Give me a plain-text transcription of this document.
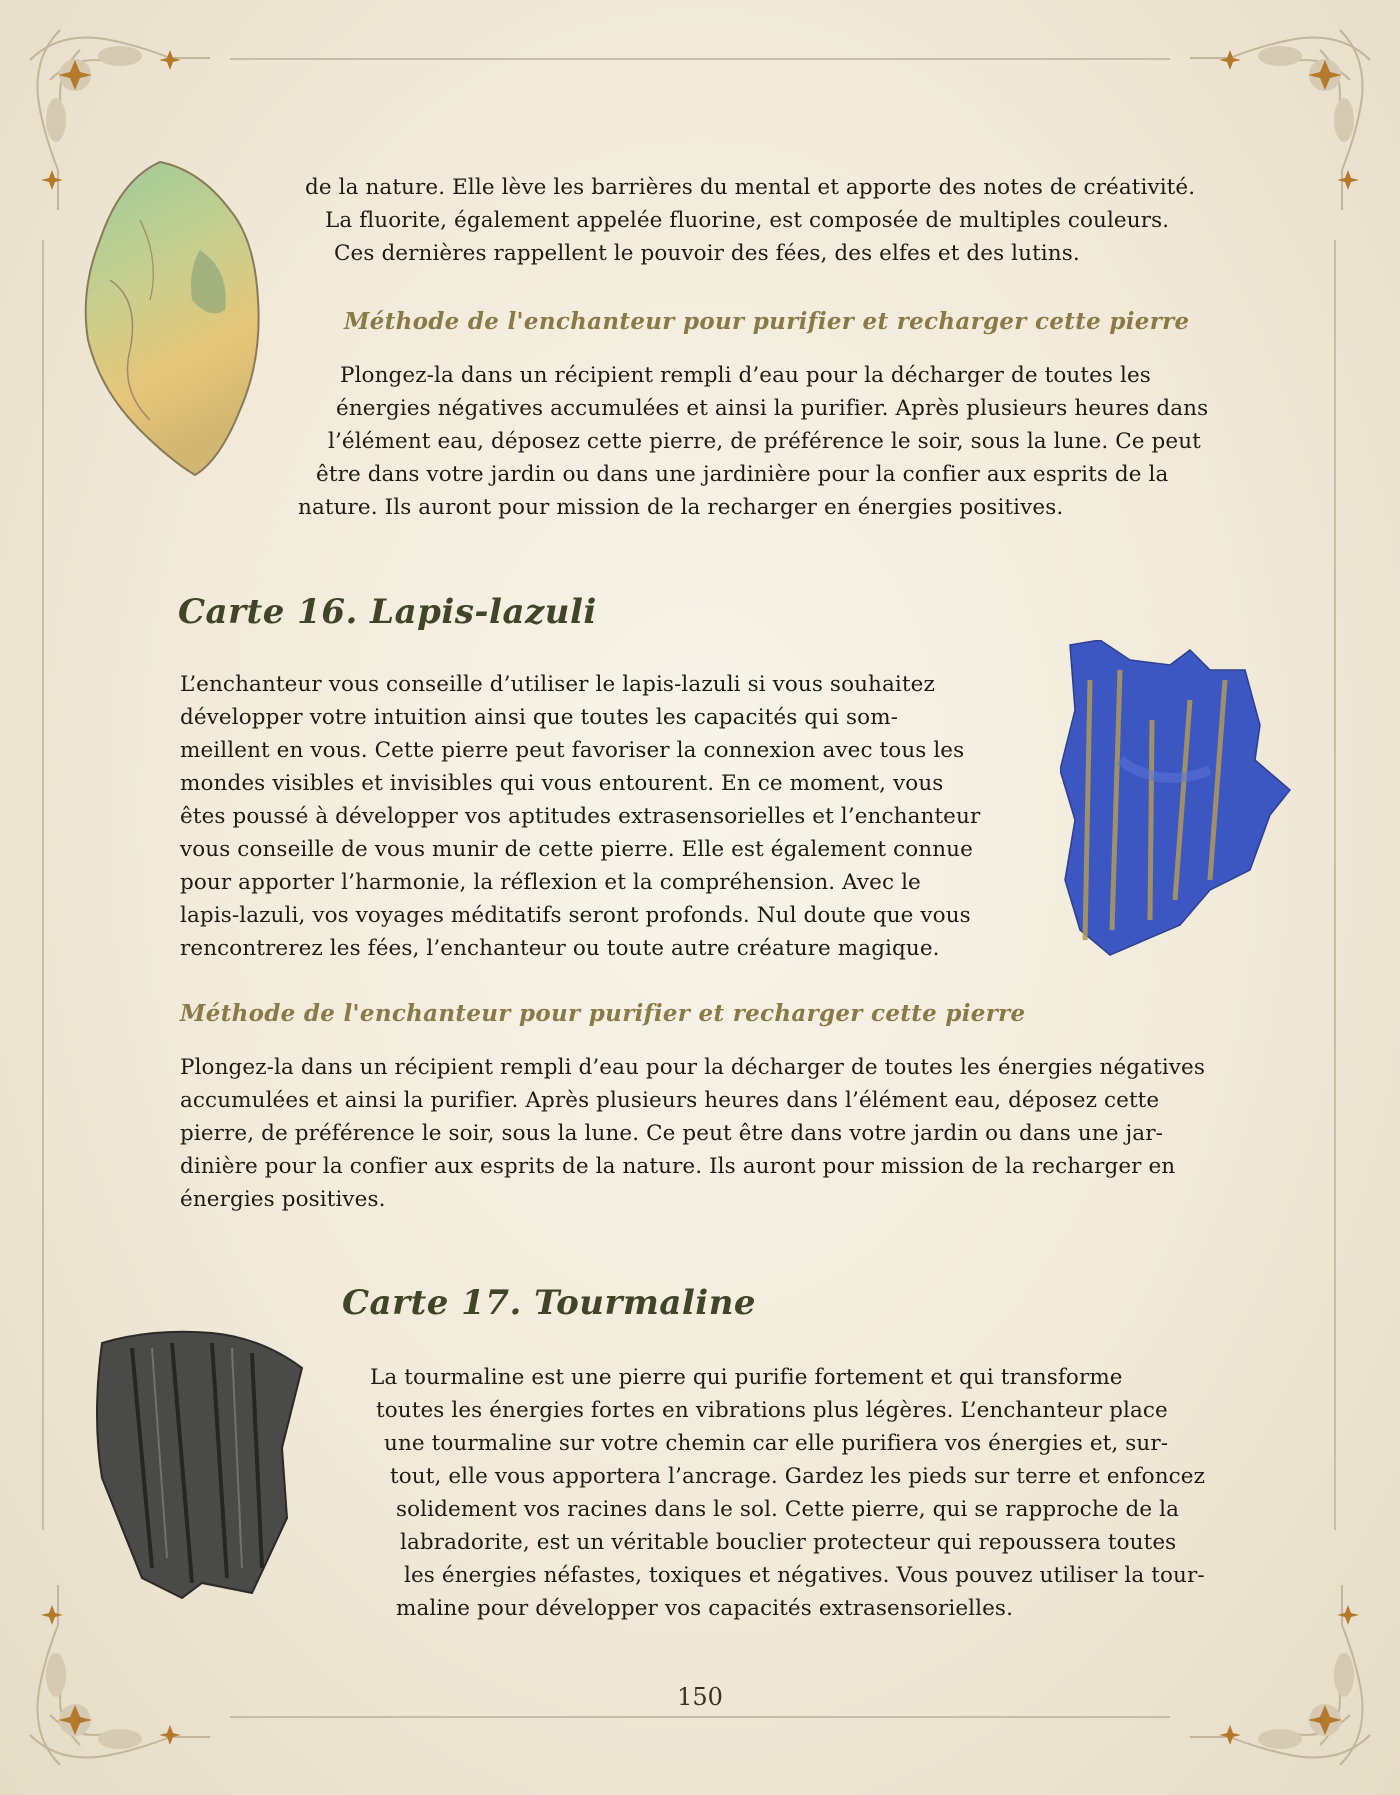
de la nature. Elle lève les barrières du mental et apporte des notes de créativité.
La fluorite, également appelée fluorine, est composée de multiples couleurs.
Ces dernières rappellent le pouvoir des fées, des elfes et des lutins.

Méthode de l'enchanteur pour purifier et recharger cette pierre

Plongez-la dans un récipient rempli d’eau pour la décharger de toutes les
énergies négatives accumulées et ainsi la purifier. Après plusieurs heures dans
l’élément eau, déposez cette pierre, de préférence le soir, sous la lune. Ce peut
être dans votre jardin ou dans une jardinière pour la confier aux esprits de la
nature. Ils auront pour mission de la recharger en énergies positives.

Carte 16. Lapis-lazuli

L’enchanteur vous conseille d’utiliser le lapis-lazuli si vous souhaitez
développer votre intuition ainsi que toutes les capacités qui som-
meillent en vous. Cette pierre peut favoriser la connexion avec tous les
mondes visibles et invisibles qui vous entourent. En ce moment, vous
êtes poussé à développer vos aptitudes extrasensorielles et l’enchanteur
vous conseille de vous munir de cette pierre. Elle est également connue
pour apporter l’harmonie, la réflexion et la compréhension. Avec le
lapis-lazuli, vos voyages méditatifs seront profonds. Nul doute que vous
rencontrerez les fées, l’enchanteur ou toute autre créature magique.

Méthode de l'enchanteur pour purifier et recharger cette pierre

Plongez-la dans un récipient rempli d’eau pour la décharger de toutes les énergies négatives
accumulées et ainsi la purifier. Après plusieurs heures dans l’élément eau, déposez cette
pierre, de préférence le soir, sous la lune. Ce peut être dans votre jardin ou dans une jar-
dinière pour la confier aux esprits de la nature. Ils auront pour mission de la recharger en
énergies positives.

Carte 17. Tourmaline

La tourmaline est une pierre qui purifie fortement et qui transforme
toutes les énergies fortes en vibrations plus légères. L’enchanteur place
une tourmaline sur votre chemin car elle purifiera vos énergies et, sur-
tout, elle vous apportera l’ancrage. Gardez les pieds sur terre et enfoncez
solidement vos racines dans le sol. Cette pierre, qui se rapproche de la
labradorite, est un véritable bouclier protecteur qui repoussera toutes
les énergies néfastes, toxiques et négatives. Vous pouvez utiliser la tour-
maline pour développer vos capacités extrasensorielles.

150
